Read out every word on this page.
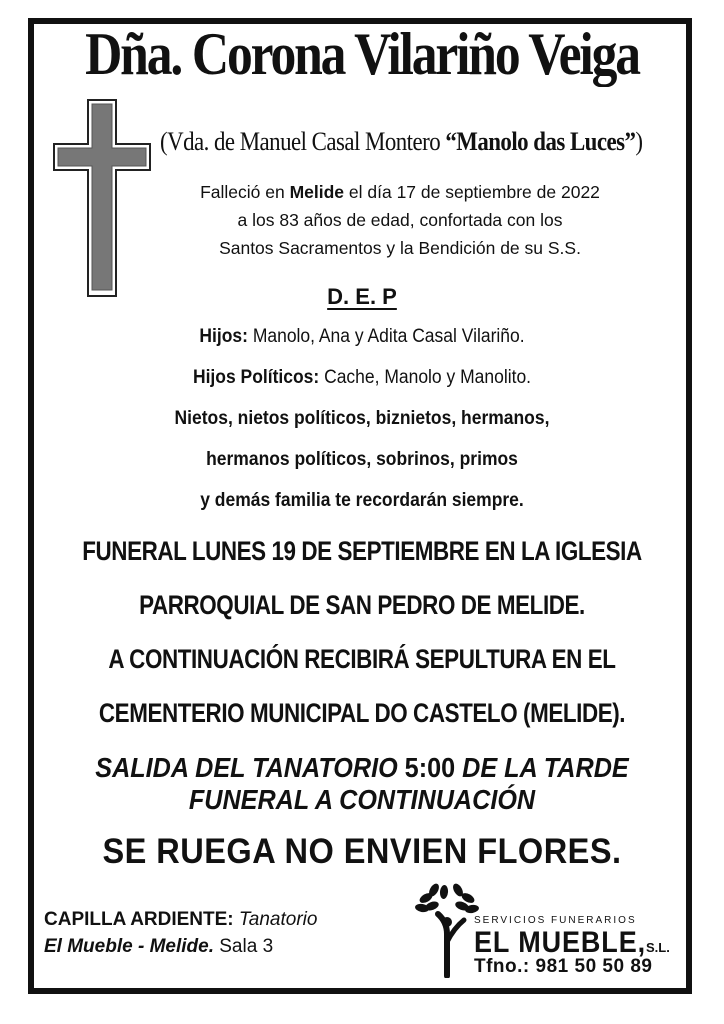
Dña. Corona Vilariño Veiga
(Vda. de Manuel Casal Montero “Manolo das Luces”)
Falleció en Melide el día 17 de septiembre de 2022
a los 83 años de edad, confortada con los
Santos Sacramentos y la Bendición de su S.S.
D. E. P
Hijos: Manolo, Ana y Adita Casal Vilariño.
Hijos Políticos: Cache, Manolo y Manolito.
Nietos, nietos políticos, biznietos, hermanos,
hermanos políticos, sobrinos, primos
y demás familia te recordarán siempre.
FUNERAL LUNES 19 DE SEPTIEMBRE EN LA IGLESIA
PARROQUIAL DE SAN PEDRO DE MELIDE.
A CONTINUACIÓN RECIBIRÁ SEPULTURA EN EL
CEMENTERIO MUNICIPAL DO CASTELO (MELIDE).
SALIDA DEL TANATORIO 5:00 DE LA TARDE
FUNERAL A CONTINUACIÓN
SE RUEGA NO ENVIEN FLORES.
CAPILLA ARDIENTE: Tanatorio
El Mueble - Melide. Sala 3
SERVICIOS FUNERARIOS
EL MUEBLE, S.L.
Tfno.: 981 50 50 89
